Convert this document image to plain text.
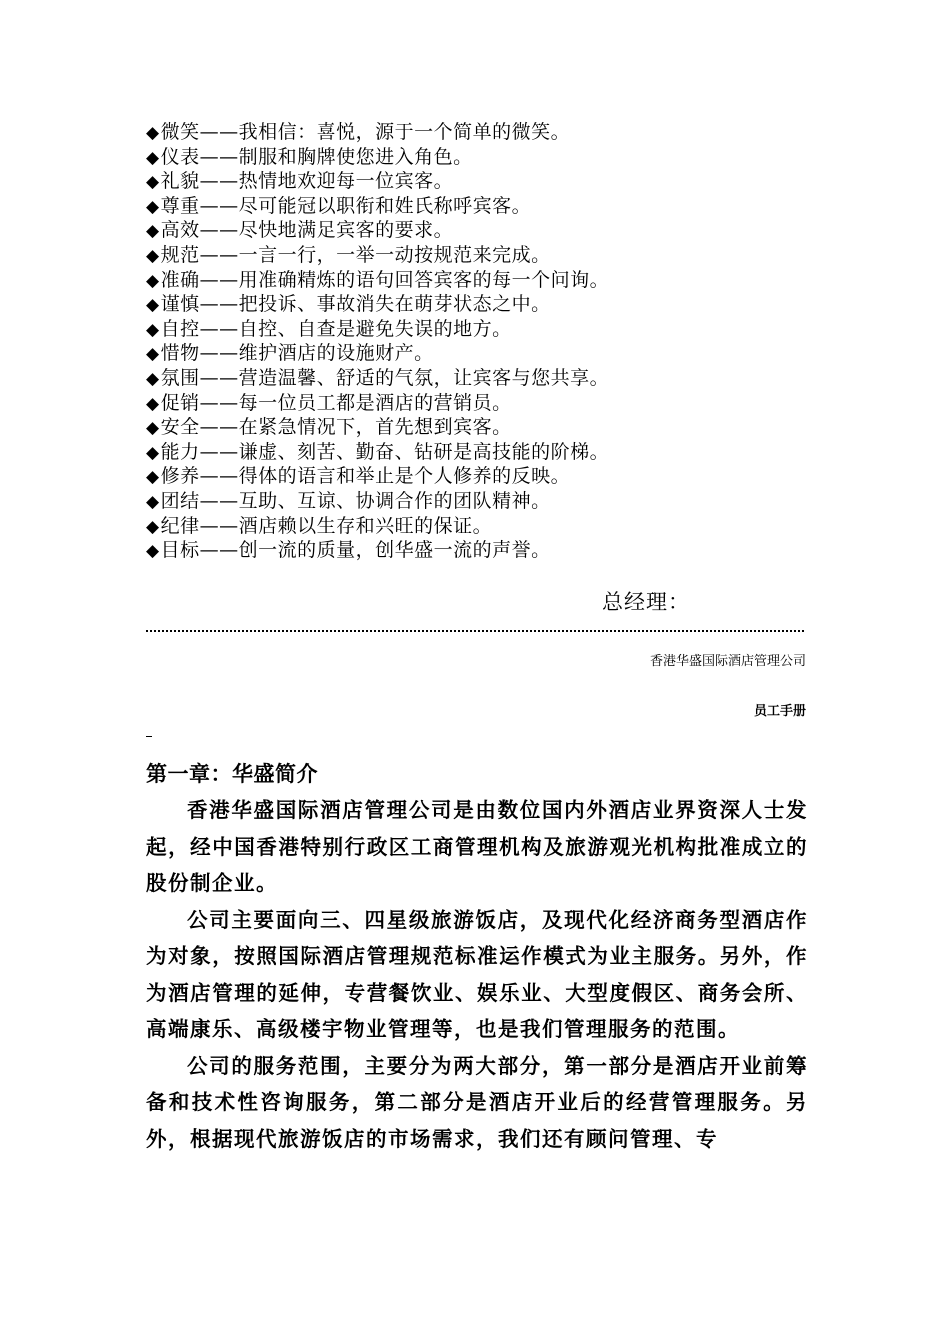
◆微笑——我相信：喜悦，源于一个简单的微笑。
◆仪表——制服和胸牌使您进入角色。
◆礼貌——热情地欢迎每一位宾客。
◆尊重——尽可能冠以职衔和姓氏称呼宾客。
◆高效——尽快地满足宾客的要求。
◆规范——一言一行，一举一动按规范来完成。
◆准确——用准确精炼的语句回答宾客的每一个问询。
◆谨慎——把投诉、事故消失在萌芽状态之中。
◆自控——自控、自查是避免失误的地方。
◆惜物——维护酒店的设施财产。
◆氛围——营造温馨、舒适的气氛，让宾客与您共享。
◆促销——每一位员工都是酒店的营销员。
◆安全——在紧急情况下，首先想到宾客。
◆能力——谦虚、刻苦、勤奋、钻研是高技能的阶梯。
◆修养——得体的语言和举止是个人修养的反映。
◆团结——互助、互谅、协调合作的团队精神。
◆纪律——酒店赖以生存和兴旺的保证。
◆目标——创一流的质量，创华盛一流的声誉。
总经理：
香港华盛国际酒店管理公司
员工手册
第一章：华盛简介

香港华盛国际酒店管理公司是由数位国内外酒店业界资深人士发起，经中国香港特别行政区工商管理机构及旅游观光机构批准成立的股份制企业。

公司主要面向三、四星级旅游饭店，及现代化经济商务型酒店作为对象，按照国际酒店管理规范标准运作模式为业主服务。另外，作为酒店管理的延伸，专营餐饮业、娱乐业、大型度假区、商务会所、高端康乐、高级楼宇物业管理等，也是我们管理服务的范围。

公司的服务范围，主要分为两大部分，第一部分是酒店开业前筹备和技术性咨询服务，第二部分是酒店开业后的经营管理服务。另外，根据现代旅游饭店的市场需求，我们还有顾问管理、专
